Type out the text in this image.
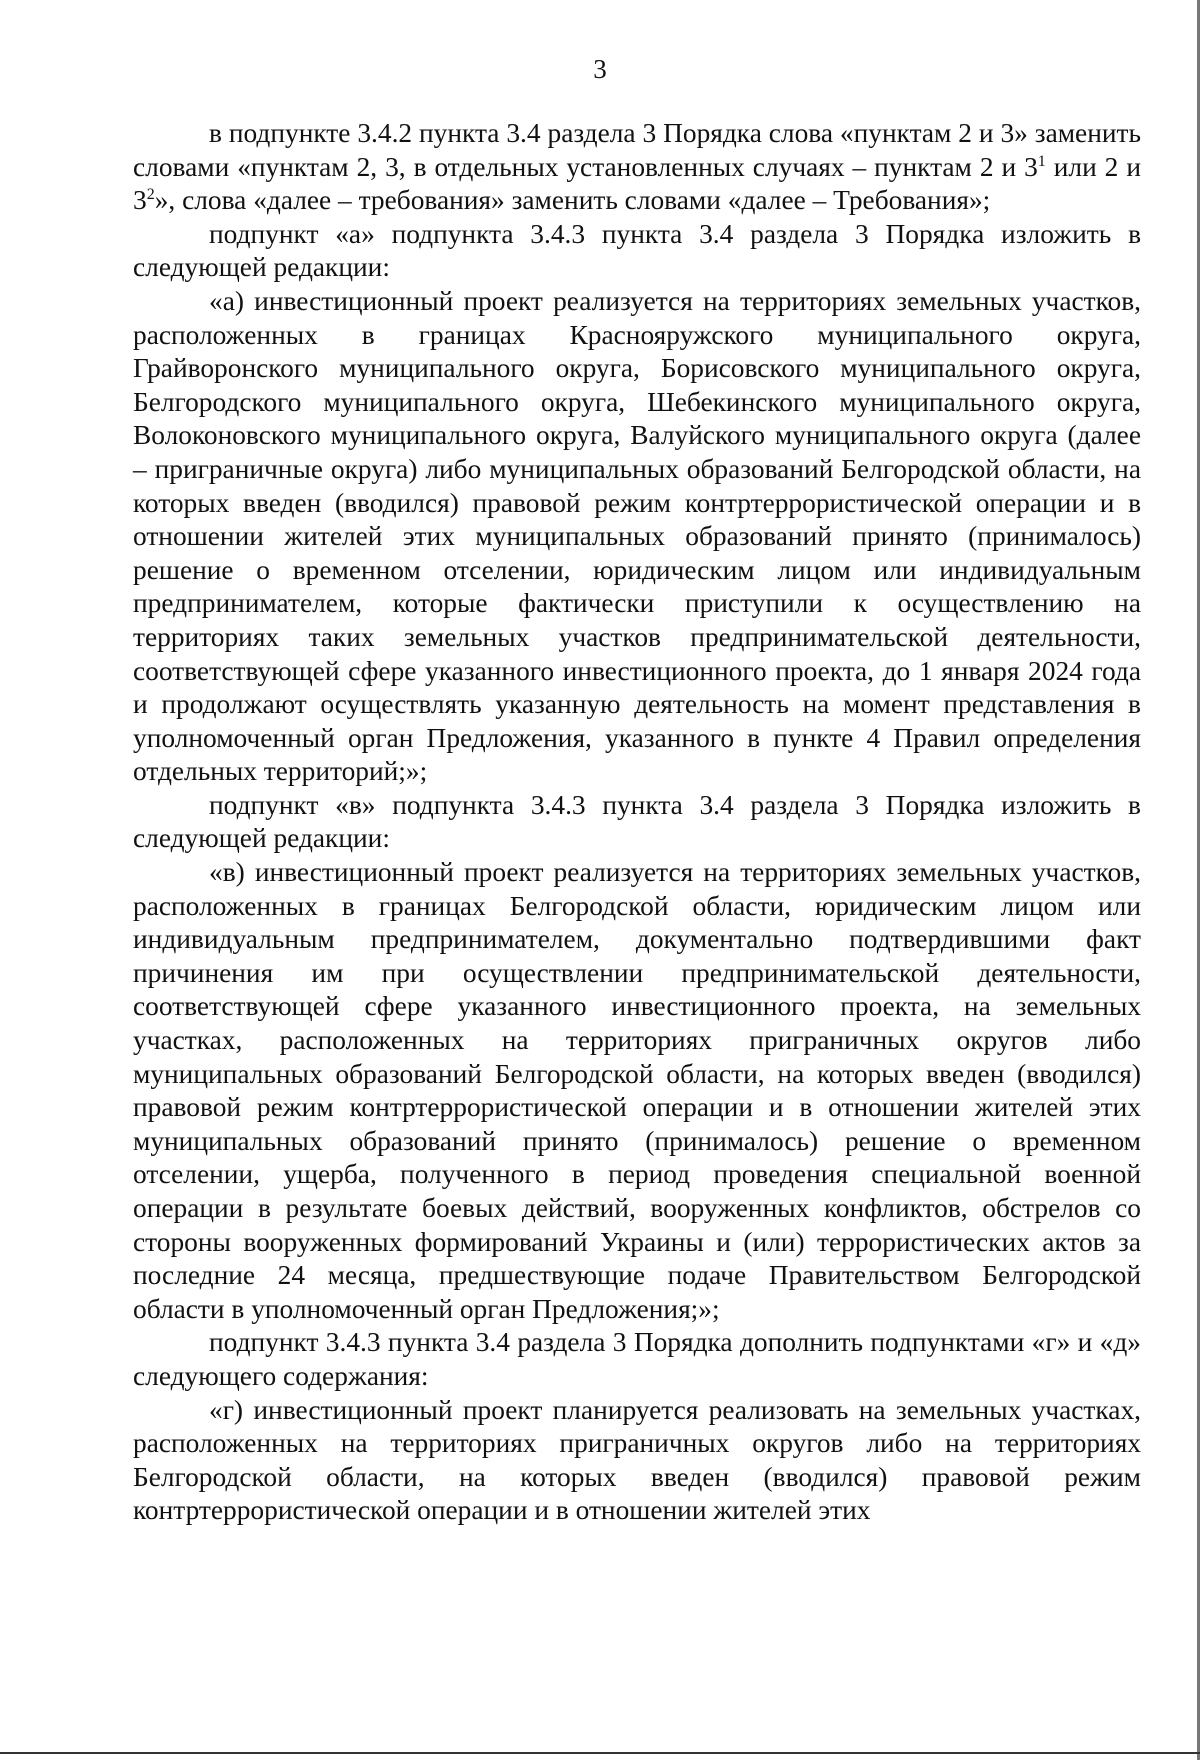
3

в подпункте 3.4.2 пункта 3.4 раздела 3 Порядка слова «пунктам 2 и 3» заменить словами «пунктам 2, 3, в отдельных установленных случаях – пунктам 2 и $3^1$ или 2 и $3^2$», слова «далее – требования» заменить словами «далее – Требования»;

подпункт «а» подпункта 3.4.3 пункта 3.4 раздела 3 Порядка изложить в следующей редакции:

«а) инвестиционный проект реализуется на территориях земельных участков, расположенных в границах Краснояружского муниципального округа, Грайворонского муниципального округа, Борисовского муниципального округа, Белгородского муниципального округа, Шебекинского муниципального округа, Волоконовского муниципального округа, Валуйского муниципального округа (далее – приграничные округа) либо муниципальных образований Белгородской области, на которых введен (вводился) правовой режим контртеррористической операции и в отношении жителей этих муниципальных образований принято (принималось) решение о временном отселении, юридическим лицом или индивидуальным предпринимателем, которые фактически приступили к осуществлению на территориях таких земельных участков предпринимательской деятельности, соответствующей сфере указанного инвестиционного проекта, до 1 января 2024 года и продолжают осуществлять указанную деятельность на момент представления в уполномоченный орган Предложения, указанного в пункте 4 Правил определения отдельных территорий;»;

подпункт «в» подпункта 3.4.3 пункта 3.4 раздела 3 Порядка изложить в следующей редакции:

«в) инвестиционный проект реализуется на территориях земельных участков, расположенных в границах Белгородской области, юридическим лицом или индивидуальным предпринимателем, документально подтвердившими факт причинения им при осуществлении предпринимательской деятельности, соответствующей сфере указанного инвестиционного проекта, на земельных участках, расположенных на территориях приграничных округов либо муниципальных образований Белгородской области, на которых введен (вводился) правовой режим контртеррористической операции и в отношении жителей этих муниципальных образований принято (принималось) решение о временном отселении, ущерба, полученного в период проведения специальной военной операции в результате боевых действий, вооруженных конфликтов, обстрелов со стороны вооруженных формирований Украины и (или) террористических актов за последние 24 месяца, предшествующие подаче Правительством Белгородской области в уполномоченный орган Предложения;»;

подпункт 3.4.3 пункта 3.4 раздела 3 Порядка дополнить подпунктами «г» и «д» следующего содержания:

«г) инвестиционный проект планируется реализовать на земельных участках, расположенных на территориях приграничных округов либо на территориях Белгородской области, на которых введен (вводился) правовой режим контртеррористической операции и в отношении жителей этих
